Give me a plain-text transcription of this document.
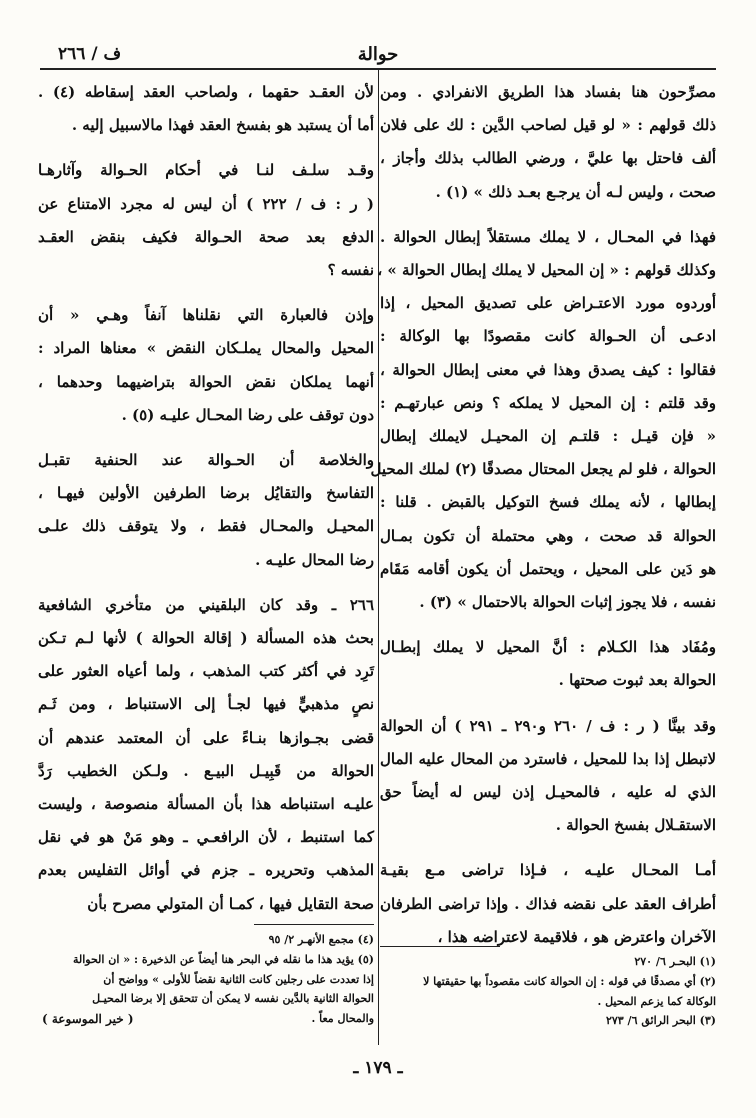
حوالة
ف / ٢٦٦

مصرِّحون هنا بفساد هذا الطريق الانفرادي . ومن
ذلك قولهم : « لو قيل لصاحب الدَّين : لك على فلان
ألف فاحتل بها عليَّ ، ورضي الطالب بذلك وأجاز ،
صحت ، وليس لـه أن يرجـع بعـد ذلك » (١) .

فهذا في المحـال ، لا يملك مستقلاً إبطال الحوالة .
وكذلك قولهم : « إن المحيل لا يملك إبطال الحوالة » ،
أوردوه مورد الاعتـراض على تصديق المحيل ، إذا
ادعـى أن الحـوالة كانت مقصودًا بها الوكالة :
فقالوا : كيف يصدق وهذا في معنى إبطال الحوالة ،
وقد قلتم : إن المحيل لا يملكه ؟ ونص عبارتهـم :
« فإن قيـل : قلتـم إن المحيـل لايملك إبطال
الحوالة ، فلو لم يجعل المحتال مصدقًا (٢) لملك المحيل
إبطالها ، لأنه يملك فسخ التوكيل بالقبض . قلنا :
الحوالة قد صحت ، وهي محتملة أن تكون بمـال
هو دَين على المحيل ، ويحتمل أن يكون أقامه مَقَام
نفسه ، فلا يجوز إثبات الحوالة بالاحتمال » (٣) .

ومُفَاد هذا الكـلام : أنَّ المحيل لا يملك إبطـال
الحوالة بعد ثبوت صحتها .

وقد بينَّا ( ر : ف / ٢٦٠ و٢٩٠ ـ ٢٩١ ) أن الحوالة
لاتبطل إذا بدا للمحيل ، فاسترد من المحال عليه المال
الذي له عليه ، فالمحيـل إذن ليس له أيضاً حق
الاستقـلال بفسخ الحوالة .

أمـا المحـال عليـه ، فـإذا تراضى مـع بقيـة
أطراف العقد على نقضه فذاك . وإذا تراضى الطرفان
الآخران واعترض هو ، فلاقيمة لاعتراضه هذا ،

لأن العقـد حقهما ، ولصاحب العقد إسقاطه (٤) .
أما أن يستبد هو بفسخ العقد فهذا مالاسبيل إليه .

وقـد سلـف لنـا في أحكام الحـوالة وآثارهـا
( ر : ف / ٢٢٢ ) أن ليس له مجرد الامتناع عن
الدفع بعد صحة الحـوالة فكيف بنقض العقـد
نفسه ؟

وإذن فالعبارة التي نقلناها آنفاً وهـي « أن
المحيل والمحال يملـكان النقض » معناها المراد :
أنهما يملكان نقض الحوالة بتراضيهما وحدهما ،
دون توقف على رضا المحـال عليـه (٥) .

والخلاصة أن الحـوالة عند الحنفية تقبـل
التفاسخ والتقايُل برضا الطرفين الأولين فيهـا ،
المحيـل والمحـال فقط ، ولا يتوقف ذلك علـى
رضا المحال عليـه .

٢٦٦ ـ وقد كان البلقيني من متأخري الشافعية
بحث هذه المسألة ( إقالة الحوالة ) لأنها لـم تـكن
تَرِد في أكثر كتب المذهب ، ولما أعياه العثور على
نصٍ مذهبيٍّ فيها لجـأ إلى الاستنباط ، ومن ثَـم
قضى بجـوازها بنـاءً على أن المعتمد عندهم أن
الحوالة من قَبِيـل البيـع . ولـكن الخطيب رَدَّ
عليـه استنباطه هذا بأن المسألة منصوصة ، وليست
كما استنبط ، لأن الرافعـي ـ وهو مَنْ هو في نقل
المذهب وتحريره ـ جزم في أوائل التفليس بعدم
صحة التقايل فيها ، كمـا أن المتولي مصرح بأن

(١) البحـر ٦/ ٢٧٠
(٢) أي مصدقًا في قوله : إن الحوالة كانت مقصوداً بها حقيقتها لا
الوكالة كما يزعم المحيل .
(٣) البحر الرائق ٦/ ٢٧٣
(٤) مجمع الأنهـر ٢/ ٩٥
(٥) يؤيد هذا ما نقله في البحر هنا أيضاً عن الذخيرة : « ان الحوالة
إذا تعددت على رجلين كانت الثانية نقضاً للأولى » وواضح أن
الحوالة الثانية بالدَّين نفسه لا يمكن أن تتحقق إلا برضا المحيـل
والمحال معاً .
( خير الموسوعة )
ـ ١٧٩ ـ
